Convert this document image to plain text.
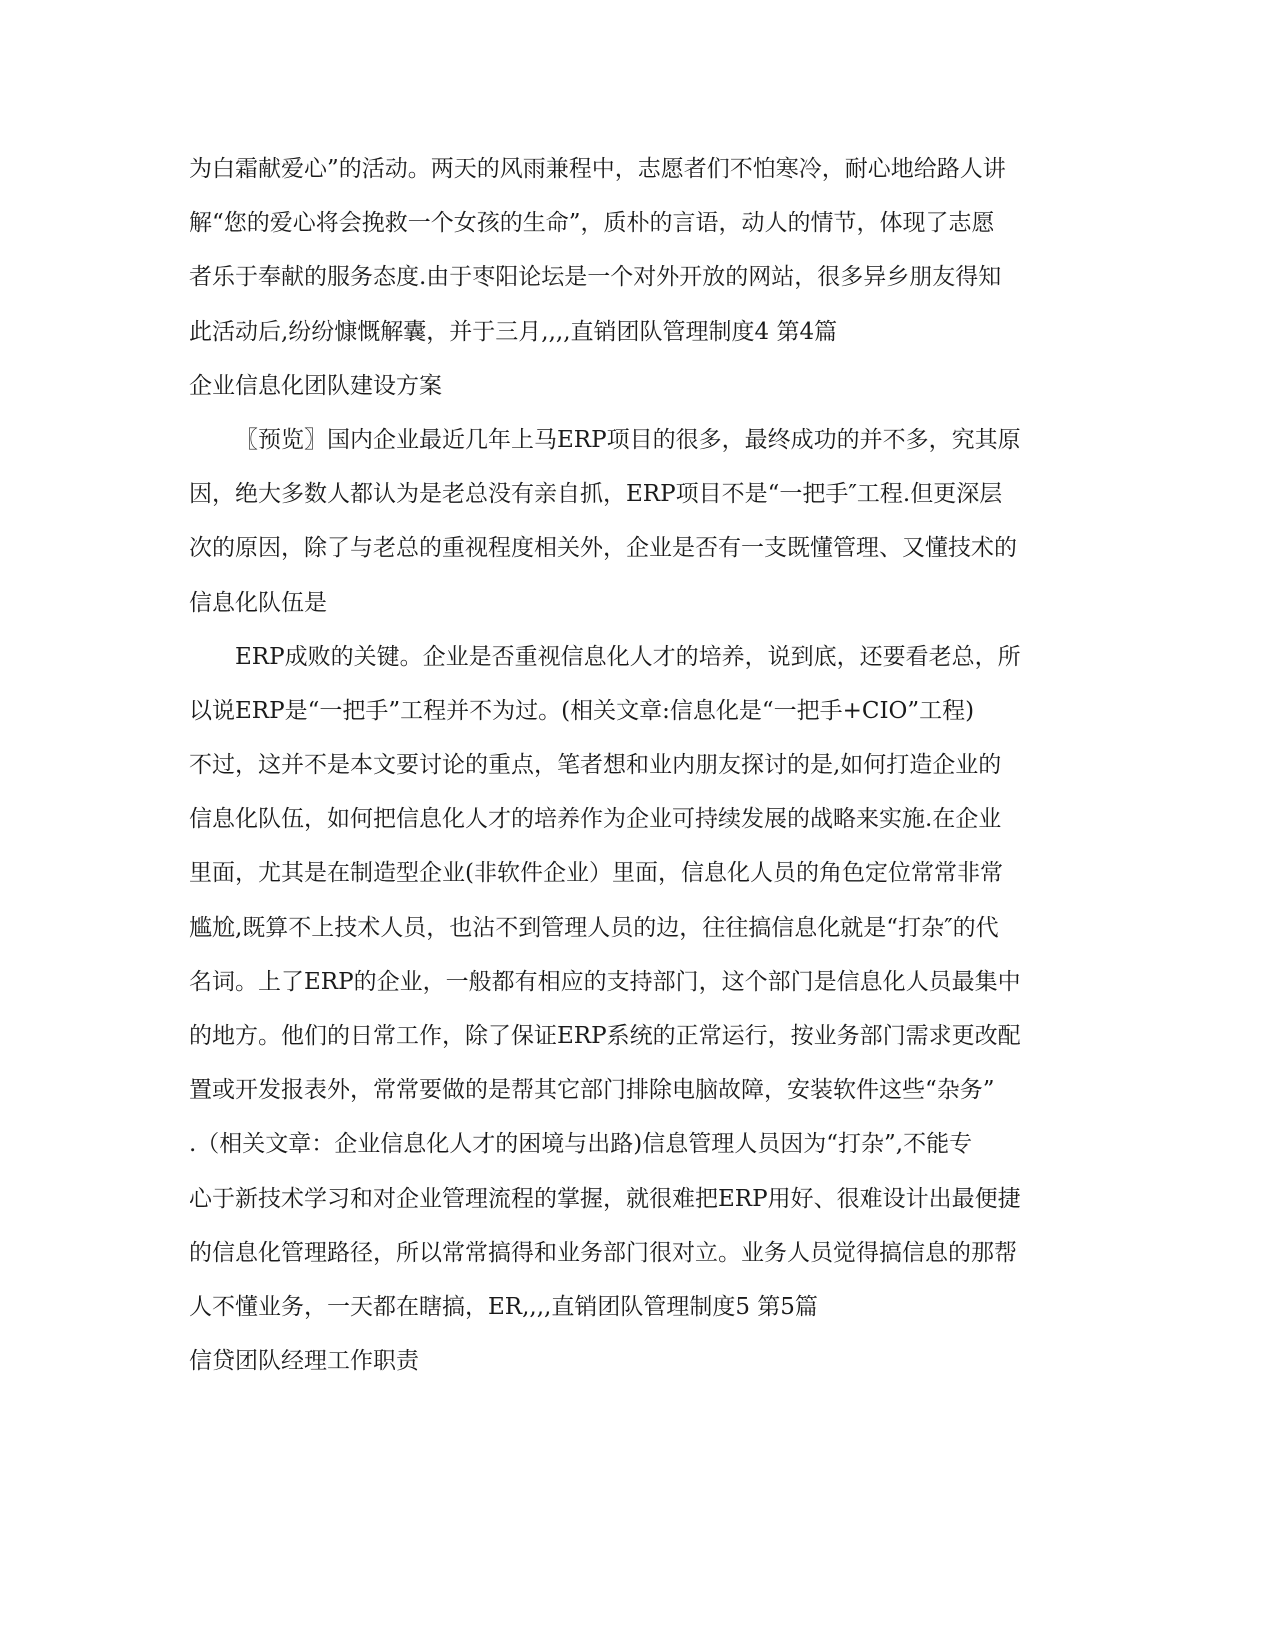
为白霜献爱心”的活动。两天的风雨兼程中，志愿者们不怕寒冷，耐心地给路人讲
解“您的爱心将会挽救一个女孩的生命”，质朴的言语，动人的情节，体现了志愿
者乐于奉献的服务态度.由于枣阳论坛是一个对外开放的网站，很多异乡朋友得知
此活动后,纷纷慷慨解囊，并于三月,,,,直销团队管理制度4 第4篇
企业信息化团队建设方案
〖预览〗国内企业最近几年上马ERP项目的很多，最终成功的并不多，究其原
因，绝大多数人都认为是老总没有亲自抓，ERP项目不是“一把手″工程.但更深层
次的原因，除了与老总的重视程度相关外，企业是否有一支既懂管理、又懂技术的
信息化队伍是
ERP成败的关键。企业是否重视信息化人才的培养，说到底，还要看老总，所
以说ERP是“一把手”工程并不为过。(相关文章:信息化是“一把手+CIO”工程)
不过，这并不是本文要讨论的重点，笔者想和业内朋友探讨的是,如何打造企业的
信息化队伍，如何把信息化人才的培养作为企业可持续发展的战略来实施.在企业
里面，尤其是在制造型企业(非软件企业）里面，信息化人员的角色定位常常非常
尴尬,既算不上技术人员，也沾不到管理人员的边，往往搞信息化就是“打杂″的代
名词。上了ERP的企业，一般都有相应的支持部门，这个部门是信息化人员最集中
的地方。他们的日常工作，除了保证ERP系统的正常运行，按业务部门需求更改配
置或开发报表外，常常要做的是帮其它部门排除电脑故障，安装软件这些“杂务”
.（相关文章：企业信息化人才的困境与出路)信息管理人员因为“打杂”,不能专
心于新技术学习和对企业管理流程的掌握，就很难把ERP用好、很难设计出最便捷
的信息化管理路径，所以常常搞得和业务部门很对立。业务人员觉得搞信息的那帮
人不懂业务，一天都在瞎搞，ER,,,,直销团队管理制度5 第5篇
信贷团队经理工作职责
